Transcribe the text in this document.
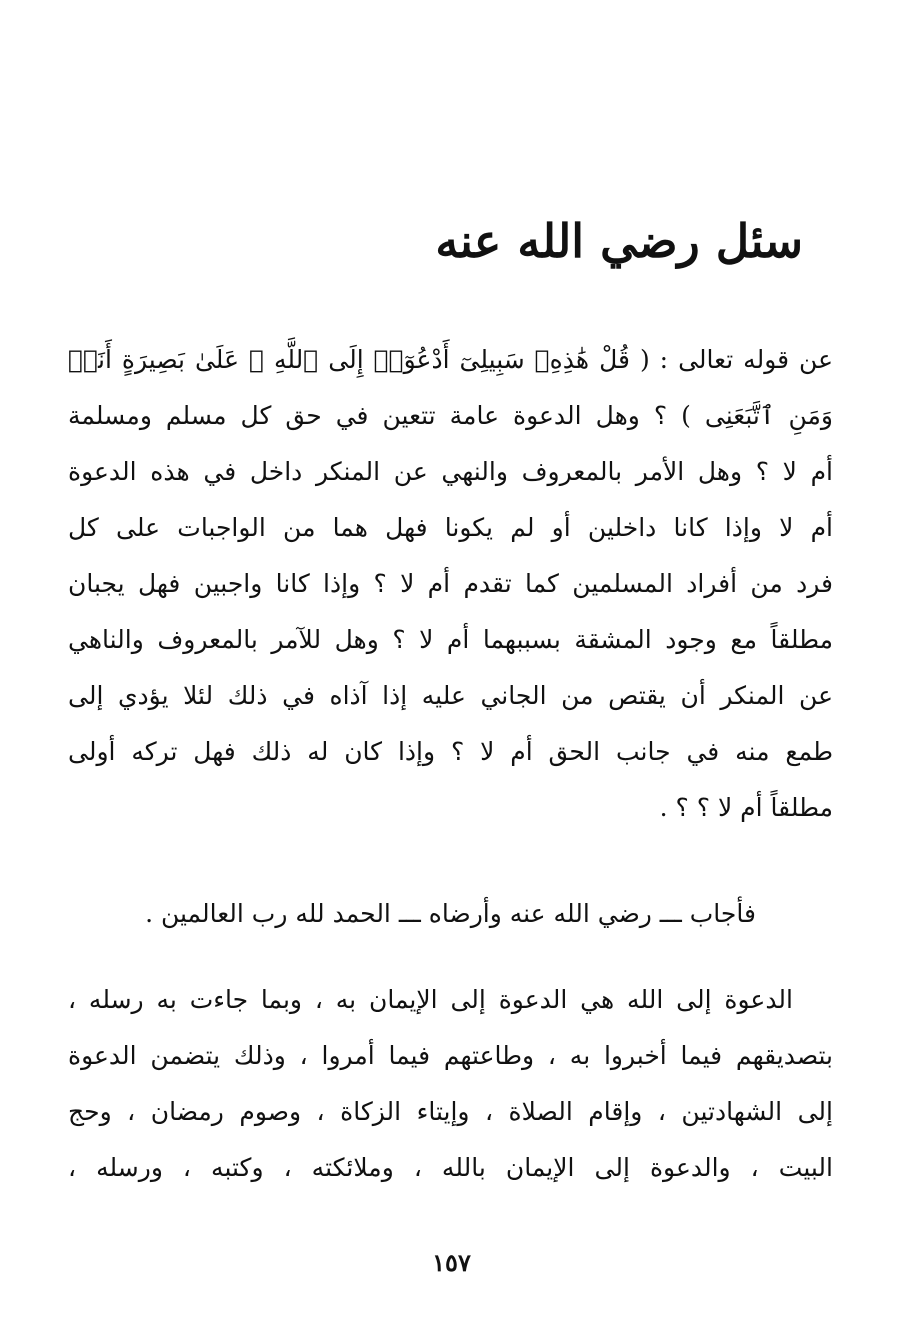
سئل رضي الله عنه
عن قوله تعالى : ( قُلْ هَٰذِهِۦ سَبِيلِىٓ أَدْعُوٓا۟ إِلَى ٱللَّهِ ۚ عَلَىٰ بَصِيرَةٍ أَنَا۠
وَمَنِ ٱتَّبَعَنِى ) ؟ وهل الدعوة عامة تتعين في حق كل مسلم ومسلمة
أم لا ؟ وهل الأمر بالمعروف والنهي عن المنكر داخل في هذه الدعوة
أم لا وإذا كانا داخلين أو لم يكونا فهل هما من الواجبات على كل
فرد من أفراد المسلمين كما تقدم أم لا ؟ وإذا كانا واجبين فهل يجبان
مطلقاً مع وجود المشقة بسببهما أم لا ؟ وهل للآمر بالمعروف والناهي
عن المنكر أن يقتص من الجاني عليه إذا آذاه في ذلك لئلا يؤدي إلى
طمع منه في جانب الحق أم لا ؟ وإذا كان له ذلك فهل تركه أولى
مطلقاً أم لا ؟ ؟ .
فأجاب ـــ رضي الله عنه وأرضاه ـــ الحمد لله رب العالمين .
الدعوة إلى الله هي الدعوة إلى الإيمان به ، وبما جاءت به رسله ،
بتصديقهم فيما أخبروا به ، وطاعتهم فيما أمروا ، وذلك يتضمن الدعوة
إلى الشهادتين ، وإقام الصلاة ، وإيتاء الزكاة ، وصوم رمضان ، وحج
البيت ، والدعوة إلى الإيمان بالله ، وملائكته ، وكتبه ، ورسله ،
١٥٧
